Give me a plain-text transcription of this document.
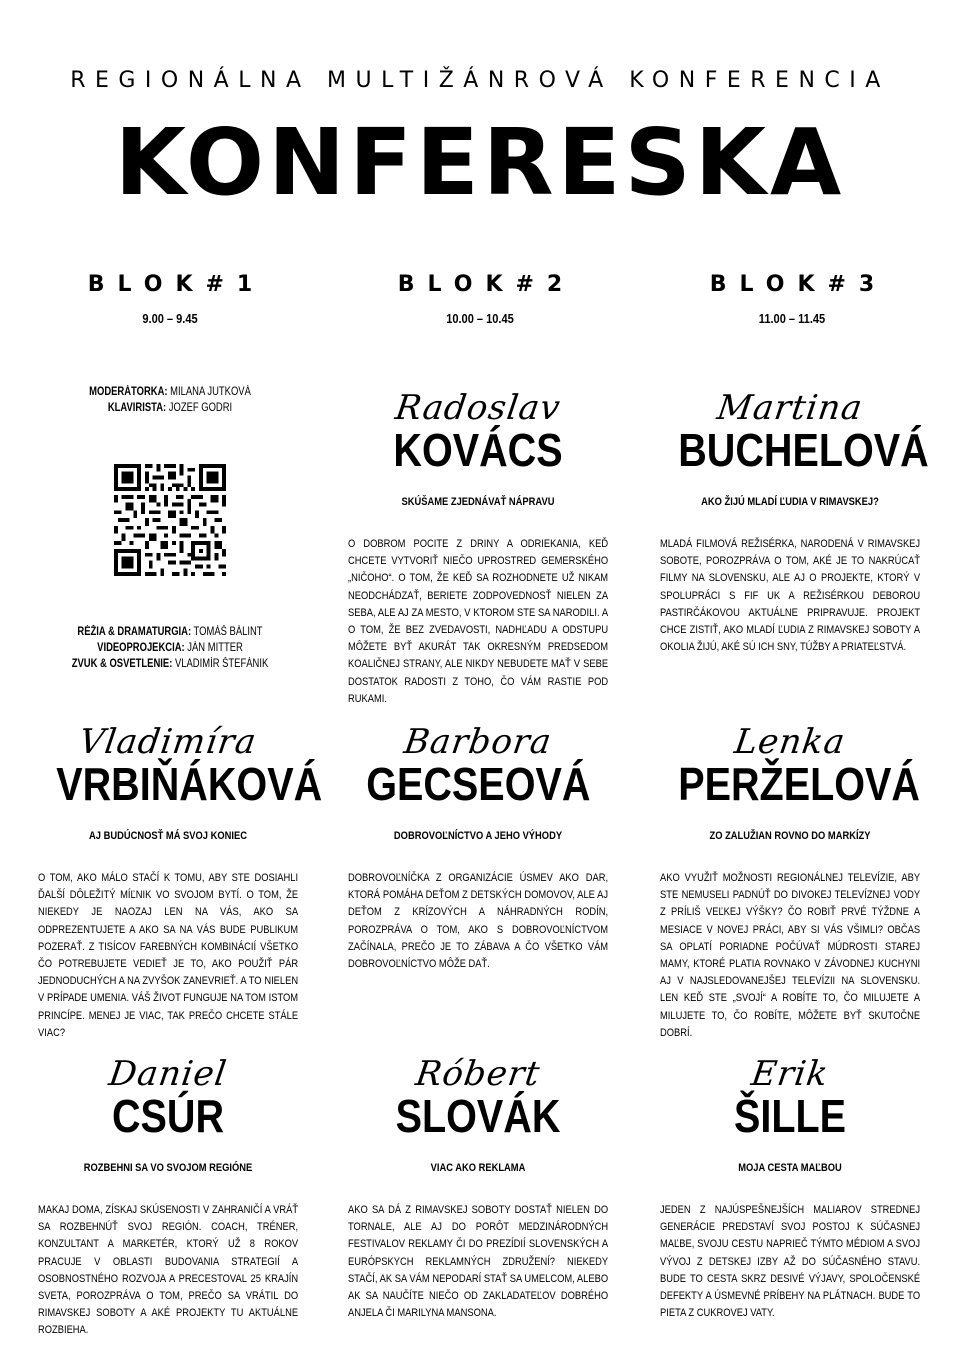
REGIONÁLNA MULTIŽÁNROVÁ KONFERENCIA
KONFERESKA
BLOK#1
9.00 – 9.45
BLOK#2
10.00 – 10.45
BLOK#3
11.00 – 11.45
MODERÁTORKA: MILANA JUTKOVÁ
KLAVIRISTA: JOZEF GÖDRI
RÉŽIA & DRAMATURGIA: TOMÁŠ BÁLINT
VIDEOPROJEKCIA: JÁN MITTER
ZVUK & OSVETLENIE: VLADIMÍR ŠTEFÁNIK
Radoslav
KOVÁCS
SKÚŠAME ZJEDNÁVAŤ NÁPRAVU
O DOBROM POCITE Z DRINY A ODRIEKANIA, KEĎ CHCETE VYTVORIŤ NIEČO UPROSTRED GEMERSKÉHO „NIČOHO“. O TOM, ŽE KEĎ SA ROZHODNETE UŽ NIKAM NEODCHÁDZAŤ, BERIETE ZODPOVEDNOSŤ NIELEN ZA SEBA, ALE AJ ZA MESTO, V KTOROM STE SA NARODILI. A O TOM, ŽE BEZ ZVEDAVOSTI, NADHĽADU A ODSTUPU MÔŽETE BYŤ AKURÁT TAK OKRESNÝM PREDSEDOM KOALIČNEJ STRANY, ALE NIKDY NEBUDETE MAŤ V SEBE DOSTATOK RADOSTI Z TOHO, ČO VÁM RASTIE POD RUKAMI.
Martina
BUCHELOVÁ
AKO ŽIJÚ MLADÍ ĽUDIA V RIMAVSKEJ?
MLADÁ FILMOVÁ REŽISÉRKA, NARODENÁ V RIMAVSKEJ SOBOTE, POROZPRÁVA O TOM, AKÉ JE TO NAKRÚCAŤ FILMY NA SLOVENSKU, ALE AJ O PROJEKTE, KTORÝ V SPOLUPRÁCI S FIF UK A REŽISÉRKOU DEBOROU PASTIRČÁKOVOU AKTUÁLNE PRIPRAVUJE. PROJEKT CHCE ZISTIŤ, AKO MLADÍ ĽUDIA Z RIMAVSKEJ SOBOTY A OKOLIA ŽIJÚ, AKÉ SÚ ICH SNY, TÚŽBY A PRIATEĽSTVÁ.
Vladimíra
VRBIŇÁKOVÁ
AJ BUDÚCNOSŤ MÁ SVOJ KONIEC
O TOM, AKO MÁLO STAČÍ K TOMU, ABY STE DOSIAHLI ĎALŠÍ DÔLEŽITÝ MÍĽNIK VO SVOJOM BYTÍ. O TOM, ŽE NIEKEDY JE NAOZAJ LEN NA VÁS, AKO SA ODPREZENTUJETE A AKO SA NA VÁS BUDE PUBLIKUM POZERAŤ. Z TISÍCOV FAREBNÝCH KOMBINÁCIÍ VŠETKO ČO POTREBUJETE VEDIEŤ JE TO, AKO POUŽIŤ PÁR JEDNODUCHÝCH A NA ZVYŠOK ZANEVRIEŤ. A TO NIELEN V PRÍPADE UMENIA. VÁŠ ŽIVOT FUNGUJE NA TOM ISTOM PRINCÍPE. MENEJ JE VIAC, TAK PREČO CHCETE STÁLE VIAC?
Barbora
GECSEOVÁ
DOBROVOĽNÍCTVO A JEHO VÝHODY
DOBROVOĽNÍČKA Z ORGANIZÁCIE ÚSMEV AKO DAR, KTORÁ POMÁHA DEŤOM Z DETSKÝCH DOMOVOV, ALE AJ DEŤOM Z KRÍZOVÝCH A NÁHRADNÝCH RODÍN, POROZPRÁVA O TOM, AKO S DOBROVOĽNÍCTVOM ZAČÍNALA, PREČO JE TO ZÁBAVA A ČO VŠETKO VÁM DOBROVOĽNÍCTVO MÔŽE DAŤ.
Lenka
PERŽELOVÁ
ZO ZALUŽIAN ROVNO DO MARKÍZY
AKO VYUŽIŤ MOŽNOSTI REGIONÁLNEJ TELEVÍZIE, ABY STE NEMUSELI PADNÚŤ DO DIVOKEJ TELEVÍZNEJ VODY Z PRÍLIŠ VEĽKEJ VÝŠKY? ČO ROBIŤ PRVÉ TÝŽDNE A MESIACE V NOVEJ PRÁCI, ABY SI VÁS VŠIMLI? OBČAS SA OPLATÍ PORIADNE POČÚVAŤ MÚDROSTI STAREJ MAMY, KTORÉ PLATIA ROVNAKO V ZÁVODNEJ KUCHYNI AJ V NAJSLEDOVANEJŠEJ TELEVÍZII NA SLOVENSKU. LEN KEĎ STE „SVOJÍ“ A ROBÍTE TO, ČO MILUJETE A MILUJETE TO, ČO ROBÍTE, MÔŽETE BYŤ SKUTOČNE DOBRÍ.
Daniel
CSÚR
ROZBEHNI SA VO SVOJOM REGIÓNE
MAKAJ DOMA, ZÍSKAJ SKÚSENOSTI V ZAHRANIČÍ A VRÁŤ SA ROZBEHNÚŤ SVOJ REGIÓN. COACH, TRÉNER, KONZULTANT A MARKETÉR, KTORÝ UŽ 8 ROKOV PRACUJE V OBLASTI BUDOVANIA STRATEGIÍ A OSOBNOSTNÉHO ROZVOJA A PRECESTOVAL 25 KRAJÍN SVETA, POROZPRÁVA O TOM, PREČO SA VRÁTIL DO RIMAVSKEJ SOBOTY A AKÉ PROJEKTY TU AKTUÁLNE ROZBIEHA.
Róbert
SLOVÁK
VIAC AKO REKLAMA
AKO SA DÁ Z RIMAVSKEJ SOBOTY DOSTAŤ NIELEN DO TORNALE, ALE AJ DO PORÔT MEDZINÁRODNÝCH FESTIVALOV REKLAMY ČI DO PREZÍDIÍ SLOVENSKÝCH A EURÓPSKYCH REKLAMNÝCH ZDRUŽENÍ? NIEKEDY STAČÍ, AK SA VÁM NEPODARÍ STAŤ SA UMELCOM, ALEBO AK SA NAUČÍTE NIEČO OD ZAKLADATEĽOV DOBRÉHO ANJELA ČI MARILYNA MANSONA.
Erik
ŠILLE
MOJA CESTA MAĽBOU
JEDEN Z NAJÚSPEŠNEJŠÍCH MALIAROV STREDNEJ GENERÁCIE PREDSTAVÍ SVOJ POSTOJ K SÚČASNEJ MAĽBE, SVOJU CESTU NAPRIEČ TÝMTO MÉDIOM A SVOJ VÝVOJ Z DETSKEJ IZBY AŽ DO SÚČASNÉHO STAVU. BUDE TO CESTA SKRZ DESIVÉ VÝJAVY, SPOLOČENSKÉ DEFEKTY A ÚSMEVNÉ PRÍBEHY NA PLÁTNACH. BUDE TO PIETA Z CUKROVEJ VATY.
